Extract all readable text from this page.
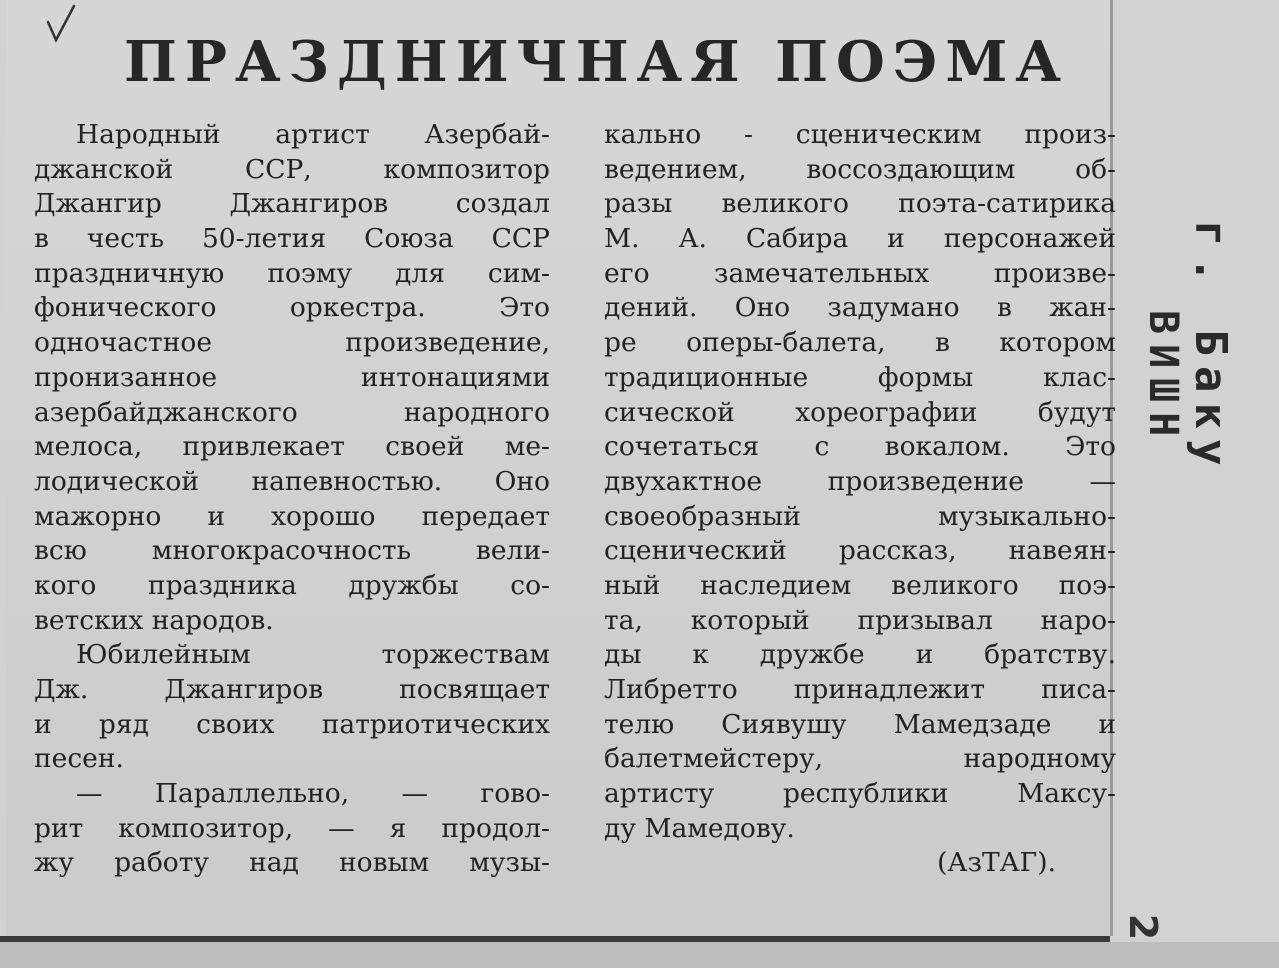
ПРАЗДНИЧНАЯ ПОЭМА
Народный артист Азербай-
джанской ССР, композитор
Джангир Джангиров создал
в честь 50-летия Союза ССР
праздничную поэму для сим-
фонического оркестра. Это
одночастное произведение,
пронизанное интонациями
азербайджанского народного
мелоса, привлекает своей ме-
лодической напевностью. Оно
мажорно и хорошо передает
всю многокрасочность вели-
кого праздника дружбы со-
ветских народов.
Юбилейным торжествам
Дж. Джангиров посвящает
и ряд своих патриотических
песен.
— Параллельно, — гово-
рит композитор, — я продол-
жу работу над новым музы-
кально - сценическим произ-
ведением, воссоздающим об-
разы великого поэта-сатирика
М. А. Сабира и персонажей
его замечательных произве-
дений. Оно задумано в жан-
ре оперы-балета, в котором
традиционные формы клас-
сической хореографии будут
сочетаться с вокалом. Это
двухактное произведение —
своеобразный музыкально-
сценический рассказ, навеян-
ный наследием великого поэ-
та, который призывал наро-
ды к дружбе и братству.
Либретто принадлежит писа-
телю Сиявушу Мамедзаде и
балетмейстеру, народному
артисту республики Максу-
ду Мамедову.
(АзТАГ).
г. Баку
ВИШН
2
